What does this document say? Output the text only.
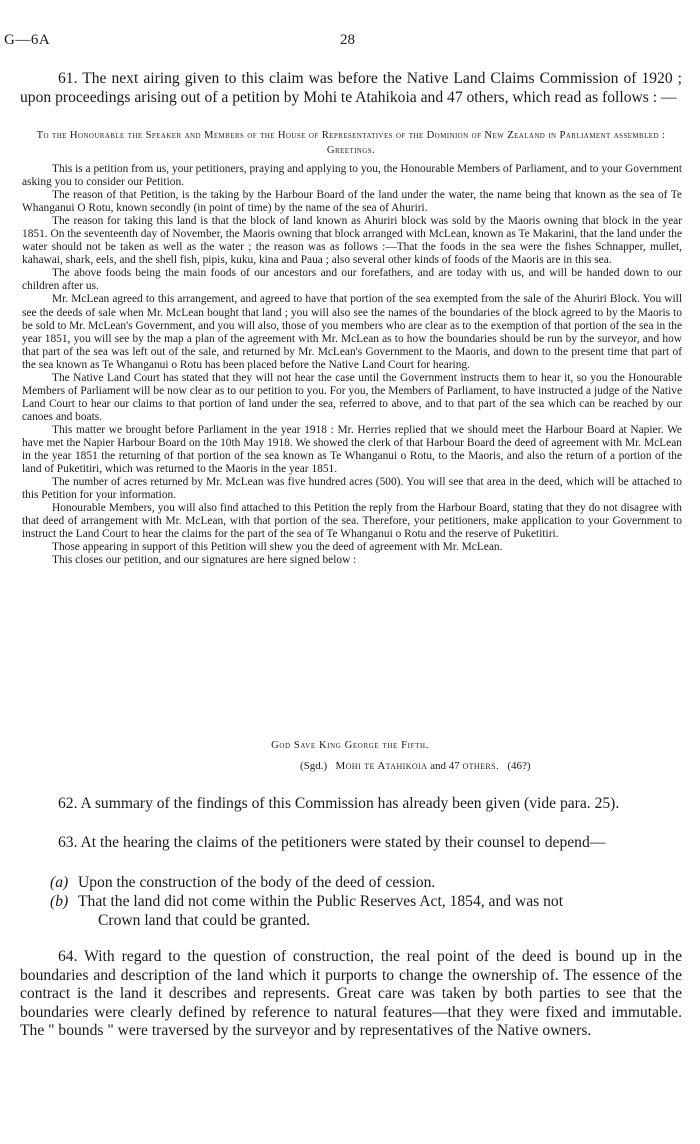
G—6A	28

61. The next airing given to this claim was before the Native Land Claims Commission of 1920 ; upon proceedings arising out of a petition by Mohi te Atahikoia and 47 others, which read as follows : —

To the Honourable the Speaker and Members of the House of Representatives of the Dominion of New Zealand in Parliament assembled : Greetings.

This is a petition from us, your petitioners, praying and applying to you, the Honourable Members of Parliament, and to your Government asking you to consider our Petition.

The reason of that Petition, is the taking by the Harbour Board of the land under the water, the name being that known as the sea of Te Whanganui O Rotu, known secondly (in point of time) by the name of the sea of Ahuriri.

The reason for taking this land is that the block of land known as Ahuriri block was sold by the Maoris owning that block in the year 1851. On the seventeenth day of November, the Maoris owning that block arranged with McLean, known as Te Makarini, that the land under the water should not be taken as well as the water ; the reason was as follows :—That the foods in the sea were the fishes Schnapper, mullet, kahawai, shark, eels, and the shell fish, pipis, kuku, kina and Paua ; also several other kinds of foods of the Maoris are in this sea.

The above foods being the main foods of our ancestors and our forefathers, and are today with us, and will be handed down to our children after us.

Mr. McLean agreed to this arrangement, and agreed to have that portion of the sea exempted from the sale of the Ahuriri Block. You will see the deeds of sale when Mr. McLean bought that land ; you will also see the names of the boundaries of the block agreed to by the Maoris to be sold to Mr. McLean's Government, and you will also, those of you members who are clear as to the exemption of that portion of the sea in the year 1851, you will see by the map a plan of the agreement with Mr. McLean as to how the boundaries should be run by the surveyor, and how that part of the sea was left out of the sale, and returned by Mr. McLean's Government to the Maoris, and down to the present time that part of the sea known as Te Whanganui o Rotu has been placed before the Native Land Court for hearing.

The Native Land Court has stated that they will not hear the case until the Government instructs them to hear it, so you the Honourable Members of Parliament will be now clear as to our petition to you. For you, the Members of Parliament, to have instructed a judge of the Native Land Court to hear our claims to that portion of land under the sea, referred to above, and to that part of the sea which can be reached by our canoes and boats.

This matter we brought before Parliament in the year 1918 : Mr. Herries replied that we should meet the Harbour Board at Napier. We have met the Napier Harbour Board on the 10th May 1918. We showed the clerk of that Harbour Board the deed of agreement with Mr. McLean in the year 1851 the returning of that portion of the sea known as Te Whanganui o Rotu, to the Maoris, and also the return of a portion of the land of Puketitiri, which was returned to the Maoris in the year 1851.

The number of acres returned by Mr. McLean was five hundred acres (500). You will see that area in the deed, which will be attached to this Petition for your information.

Honourable Members, you will also find attached to this Petition the reply from the Harbour Board, stating that they do not disagree with that deed of arrangement with Mr. McLean, with that portion of the sea. Therefore, your petitioners, make application to your Government to instruct the Land Court to hear the claims for the part of the sea of Te Whanganui o Rotu and the reserve of Puketitiri.

Those appearing in support of this Petition will shew you the deed of agreement with Mr. McLean.

This closes our petition, and our signatures are here signed below :

God Save King George the Fifth.
(Sgd.) Mohi te Atahikoia and 47 others. (46?)

62. A summary of the findings of this Commission has already been given (vide para. 25).

63. At the hearing the claims of the petitioners were stated by their counsel to depend—

(a) Upon the construction of the body of the deed of cession.
(b) That the land did not come within the Public Reserves Act, 1854, and was not
Crown land that could be granted.

64. With regard to the question of construction, the real point of the deed is bound up in the boundaries and description of the land which it purports to change the ownership of. The essence of the contract is the land it describes and represents. Great care was taken by both parties to see that the boundaries were clearly defined by reference to natural features—that they were fixed and immutable. The " bounds " were traversed by the surveyor and by representatives of the Native owners.
